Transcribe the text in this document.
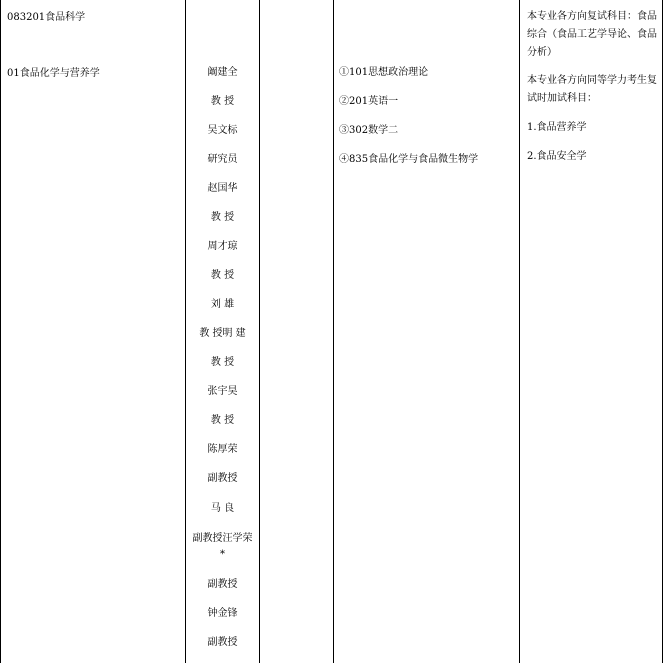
083201食品科学
01食品化学与营养学	阚建全
教 授
吴文标
研究员
赵国华
教 授
周才琼
教 授
刘 雄
教 授明 建
教 授
张宇昊
教 授
陈厚荣
副教授
马 良
副教授汪学荣*
副教授
钟金锋
副教授
①101思想政治理论
②201英语一
③302数学二
④835食品化学与食品微生物学
本专业各方向复试科目：食品综合（食品工艺学导论、食品分析）
本专业各方向同等学力考生复试时加试科目：
1.食品营养学
2.食品安全学
